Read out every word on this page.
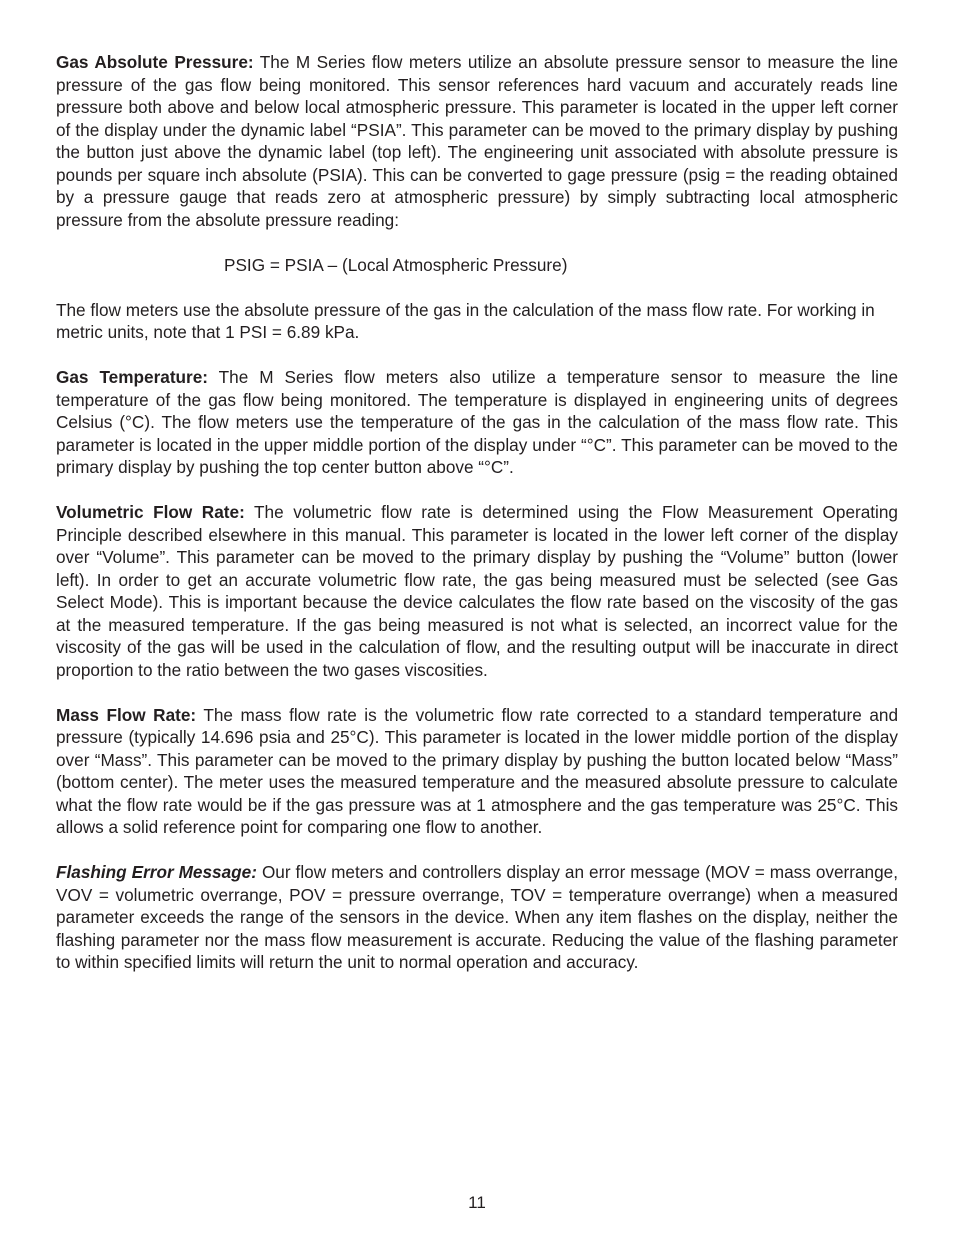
Gas Absolute Pressure: The M Series flow meters utilize an absolute pressure sensor to measure the line pressure of the gas flow being monitored. This sensor references hard vacuum and accurately reads line pressure both above and below local atmospheric pressure. This parameter is located in the upper left corner of the display under the dynamic label “PSIA”. This parameter can be moved to the primary display by pushing the button just above the dynamic label (top left). The engineering unit associated with absolute pressure is pounds per square inch absolute (PSIA). This can be converted to gage pressure (psig = the reading obtained by a pressure gauge that reads zero at atmospheric pressure) by simply subtracting local atmospheric pressure from the absolute pressure reading:

PSIG = PSIA – (Local Atmospheric Pressure)

The flow meters use the absolute pressure of the gas in the calculation of the mass flow rate. For working in metric units, note that 1 PSI = 6.89 kPa.

Gas Temperature: The M Series flow meters also utilize a temperature sensor to measure the line temperature of the gas flow being monitored. The temperature is displayed in engineering units of degrees Celsius (°C). The flow meters use the temperature of the gas in the calculation of the mass flow rate. This parameter is located in the upper middle portion of the display under “°C”. This parameter can be moved to the primary display by pushing the top center button above “°C”.

Volumetric Flow Rate: The volumetric flow rate is determined using the Flow Measurement Operating Principle described elsewhere in this manual. This parameter is located in the lower left corner of the display over “Volume”. This parameter can be moved to the primary display by pushing the “Volume” button (lower left). In order to get an accurate volumetric flow rate, the gas being measured must be selected (see Gas Select Mode). This is important because the device calculates the flow rate based on the viscosity of the gas at the measured temperature. If the gas being measured is not what is selected, an incorrect value for the viscosity of the gas will be used in the calculation of flow, and the resulting output will be inaccurate in direct proportion to the ratio between the two gases viscosities.

Mass Flow Rate: The mass flow rate is the volumetric flow rate corrected to a standard temperature and pressure (typically 14.696 psia and 25°C). This parameter is located in the lower middle portion of the display over “Mass”. This parameter can be moved to the primary display by pushing the button located below “Mass” (bottom center). The meter uses the measured temperature and the measured absolute pressure to calculate what the flow rate would be if the gas pressure was at 1 atmosphere and the gas temperature was 25°C. This allows a solid reference point for comparing one flow to another.

Flashing Error Message: Our flow meters and controllers display an error message (MOV = mass overrange, VOV = volumetric overrange, POV = pressure overrange, TOV = temperature overrange) when a measured parameter exceeds the range of the sensors in the device. When any item flashes on the display, neither the flashing parameter nor the mass flow measurement is accurate. Reducing the value of the flashing parameter to within specified limits will return the unit to normal operation and accuracy.

11
